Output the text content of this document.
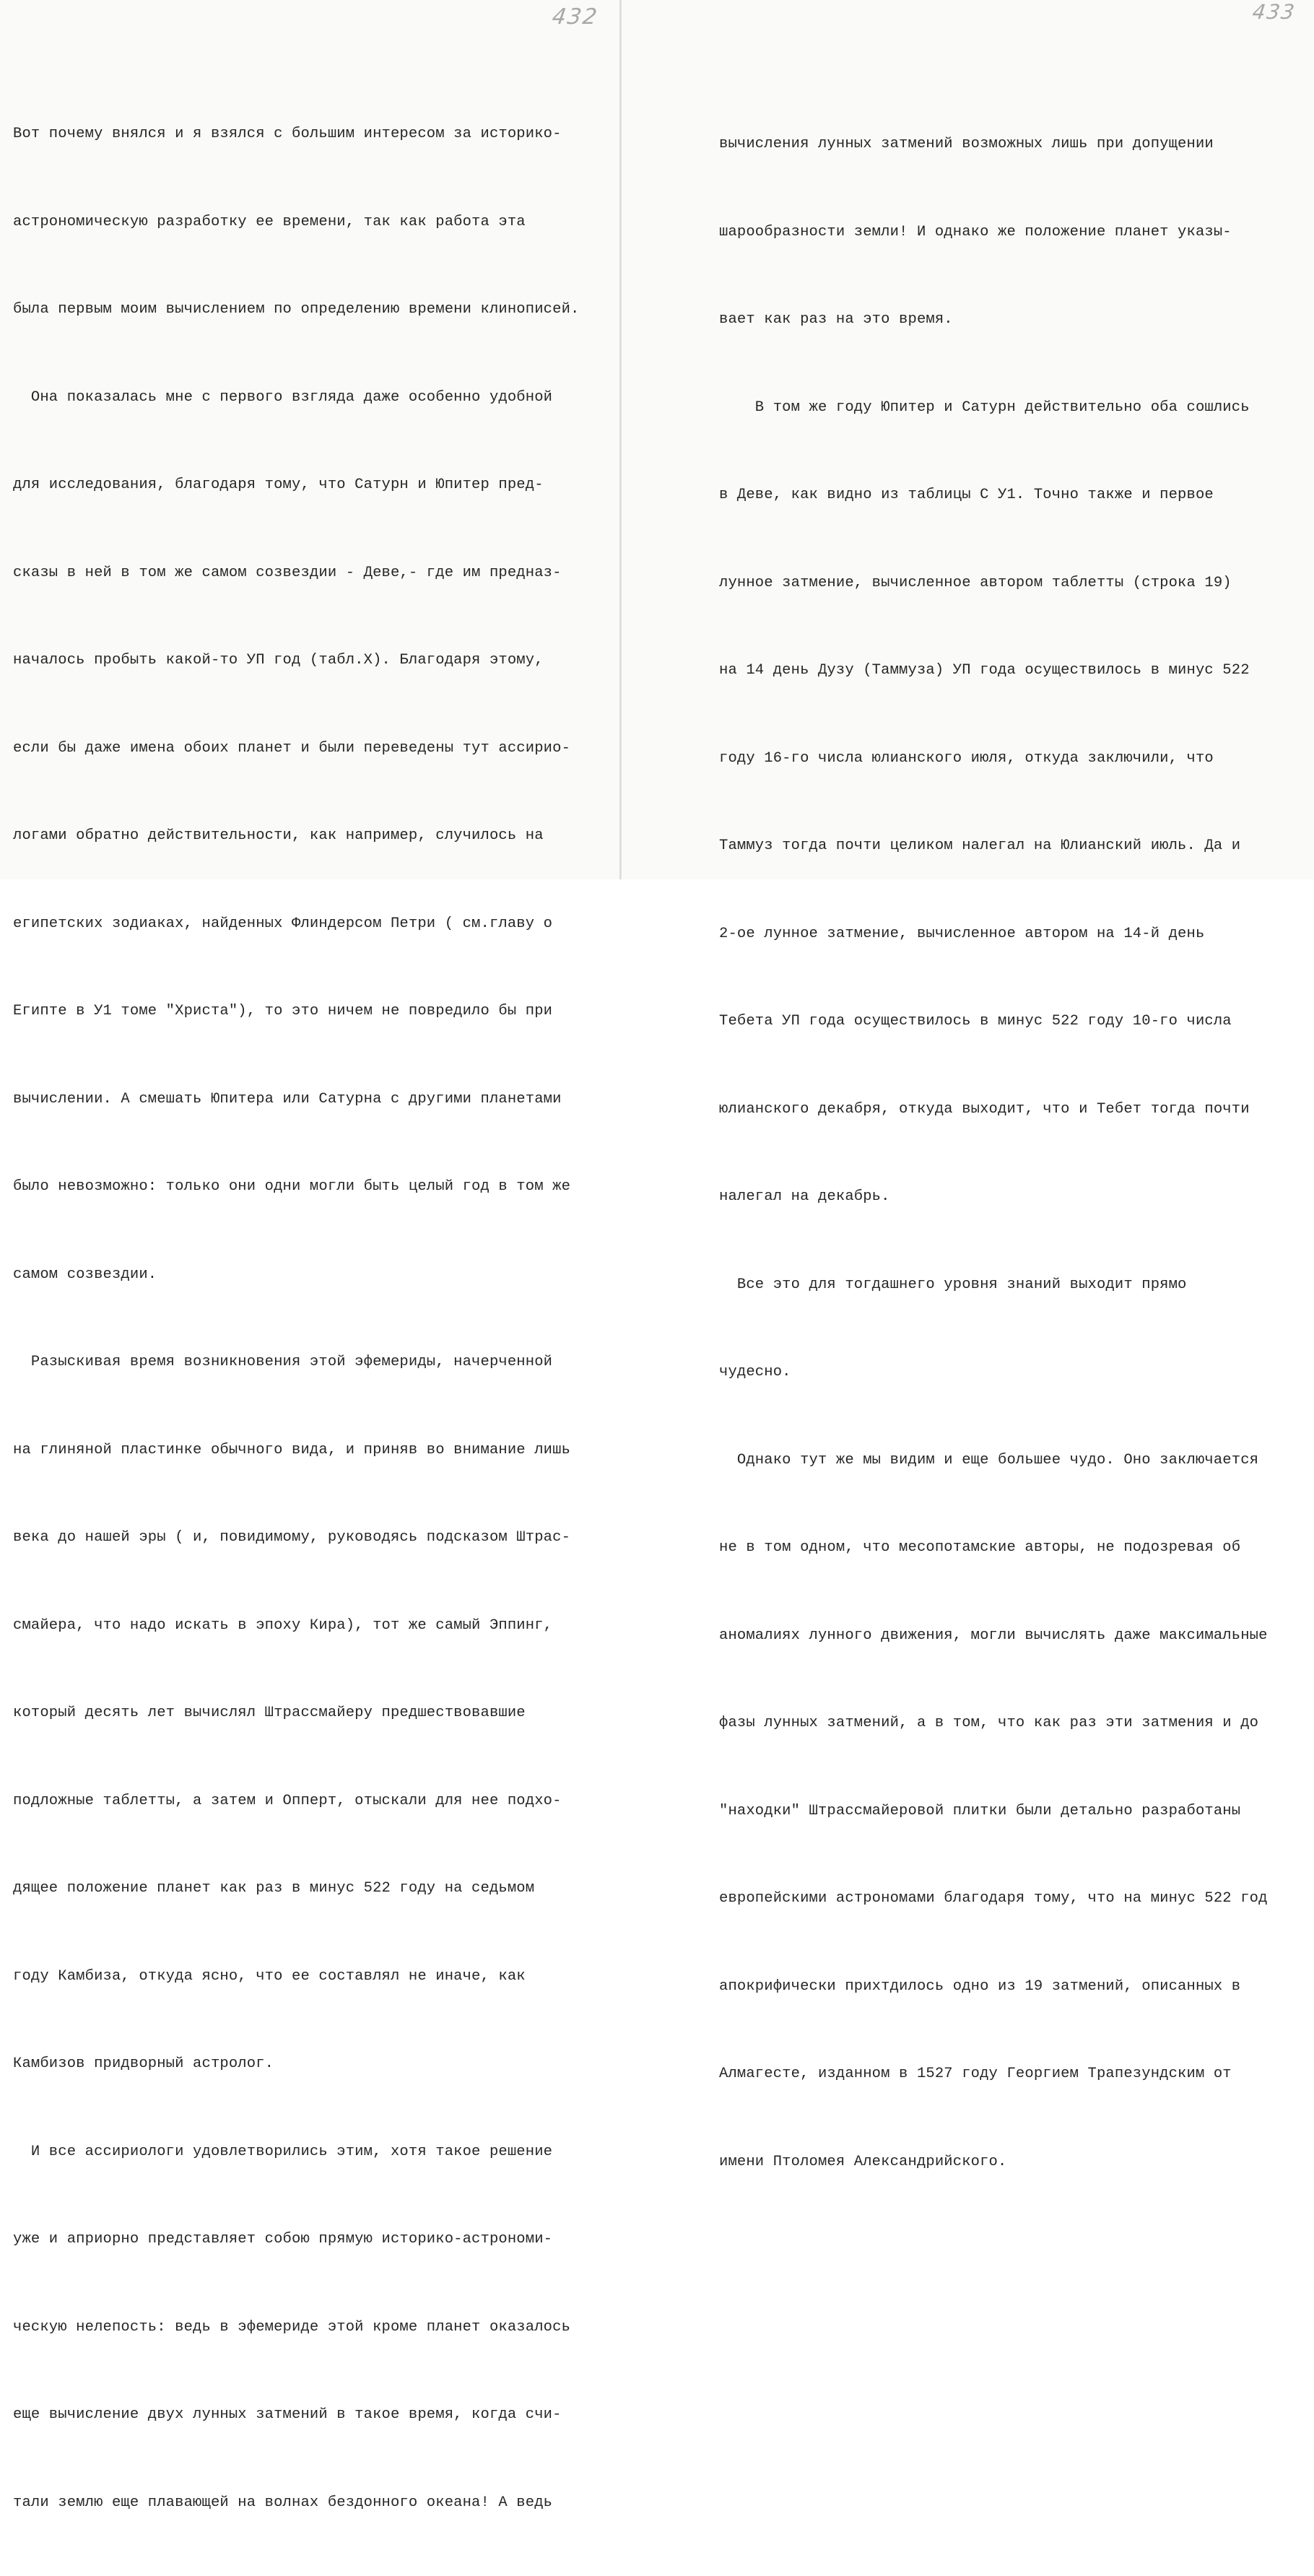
432

Вот почему внялся и я взялся с большим интересом за историко-

астрономическую разработку ее времени, так как работа эта

была первым моим вычислением по определению времени клинописей.

Она показалась мне с первого взгляда даже особенно удобной

для исследования, благодаря тому, что Сатурн и Юпитер пред-

сказы в ней в том же самом созвездии - Деве,- где им предназ-

началось пробыть какой-то УП год (табл.Х). Благодаря этому,

если бы даже имена обоих планет и были переведены тут ассирио-

логами обратно действительности, как например, случилось на

египетских зодиаках, найденных Флиндерсом Петри ( см.главу о

Египте в У1 томе "Христа"), то это ничем не повредило бы при

вычислении. А смешать Юпитера или Сатурна с другими планетами

было невозможно: только они одни могли быть целый год в том же

самом созвездии.

Разыскивая время возникновения этой эфемериды, начерченной

на глиняной пластинке обычного вида, и приняв во внимание лишь

века до нашей эры ( и, повидимому, руководясь подсказом Штрас-

смайера, что надо искать в эпоху Кира), тот же самый Эппинг,

который десять лет вычислял Штрассмайеру предшествовавшие

подложные таблетты, а затем и Опперт, отыскали для нее подхо-

дящее положение планет как раз в минус 522 году на седьмом

году Камбиза, откуда ясно, что ее составлял не иначе, как

Камбизов придворный астролог.

И все ассириологи удовлетворились этим, хотя такое решение

уже и априорно представляет собою прямую историко-астрономи-

ческую нелепость: ведь в эфемериде этой кроме планет оказалось

еще вычисление двух лунных затмений в такое время, когда счи-

тали землю еще плавающей на волнах бездонного океана! А ведь

433

вычисления лунных затмений возможных лишь при допущении

шарообразности земли! И однако же положение планет указы-

вает как раз на это время.

В том же году Юпитер и Сатурн действительно оба сошлись

в Деве, как видно из таблицы С У1. Точно также и первое

лунное затмение, вычисленное автором таблетты (строка 19)

на 14 день Дузу (Таммуза) УП года осуществилось в минус 522

году 16-го числа юлианского июля, откуда заключили, что

Таммуз тогда почти целиком налегал на Юлианский июль. Да и

2-ое лунное затмение, вычисленное автором на 14-й день

Тебета УП года осуществилось в минус 522 году 10-го числа

юлианского декабря, откуда выходит, что и Тебет тогда почти

налегал на декабрь.

Все это для тогдашнего уровня знаний выходит прямо

чудесно.

Однако тут же мы видим и еще большее чудо. Оно заключается

не в том одном, что месопотамские авторы, не подозревая об

аномалиях лунного движения, могли вычислять даже максимальные

фазы лунных затмений, а в том, что как раз эти затмения и до

"находки" Штрассмайеровой плитки были детально разработаны

европейскими астрономами благодаря тому, что на минус 522 год

апокрифически прихтдилось одно из 19 затмений, описанных в

Алмагесте, изданном в 1527 году Георгием Трапезундским от

имени Птоломея Александрийского.
